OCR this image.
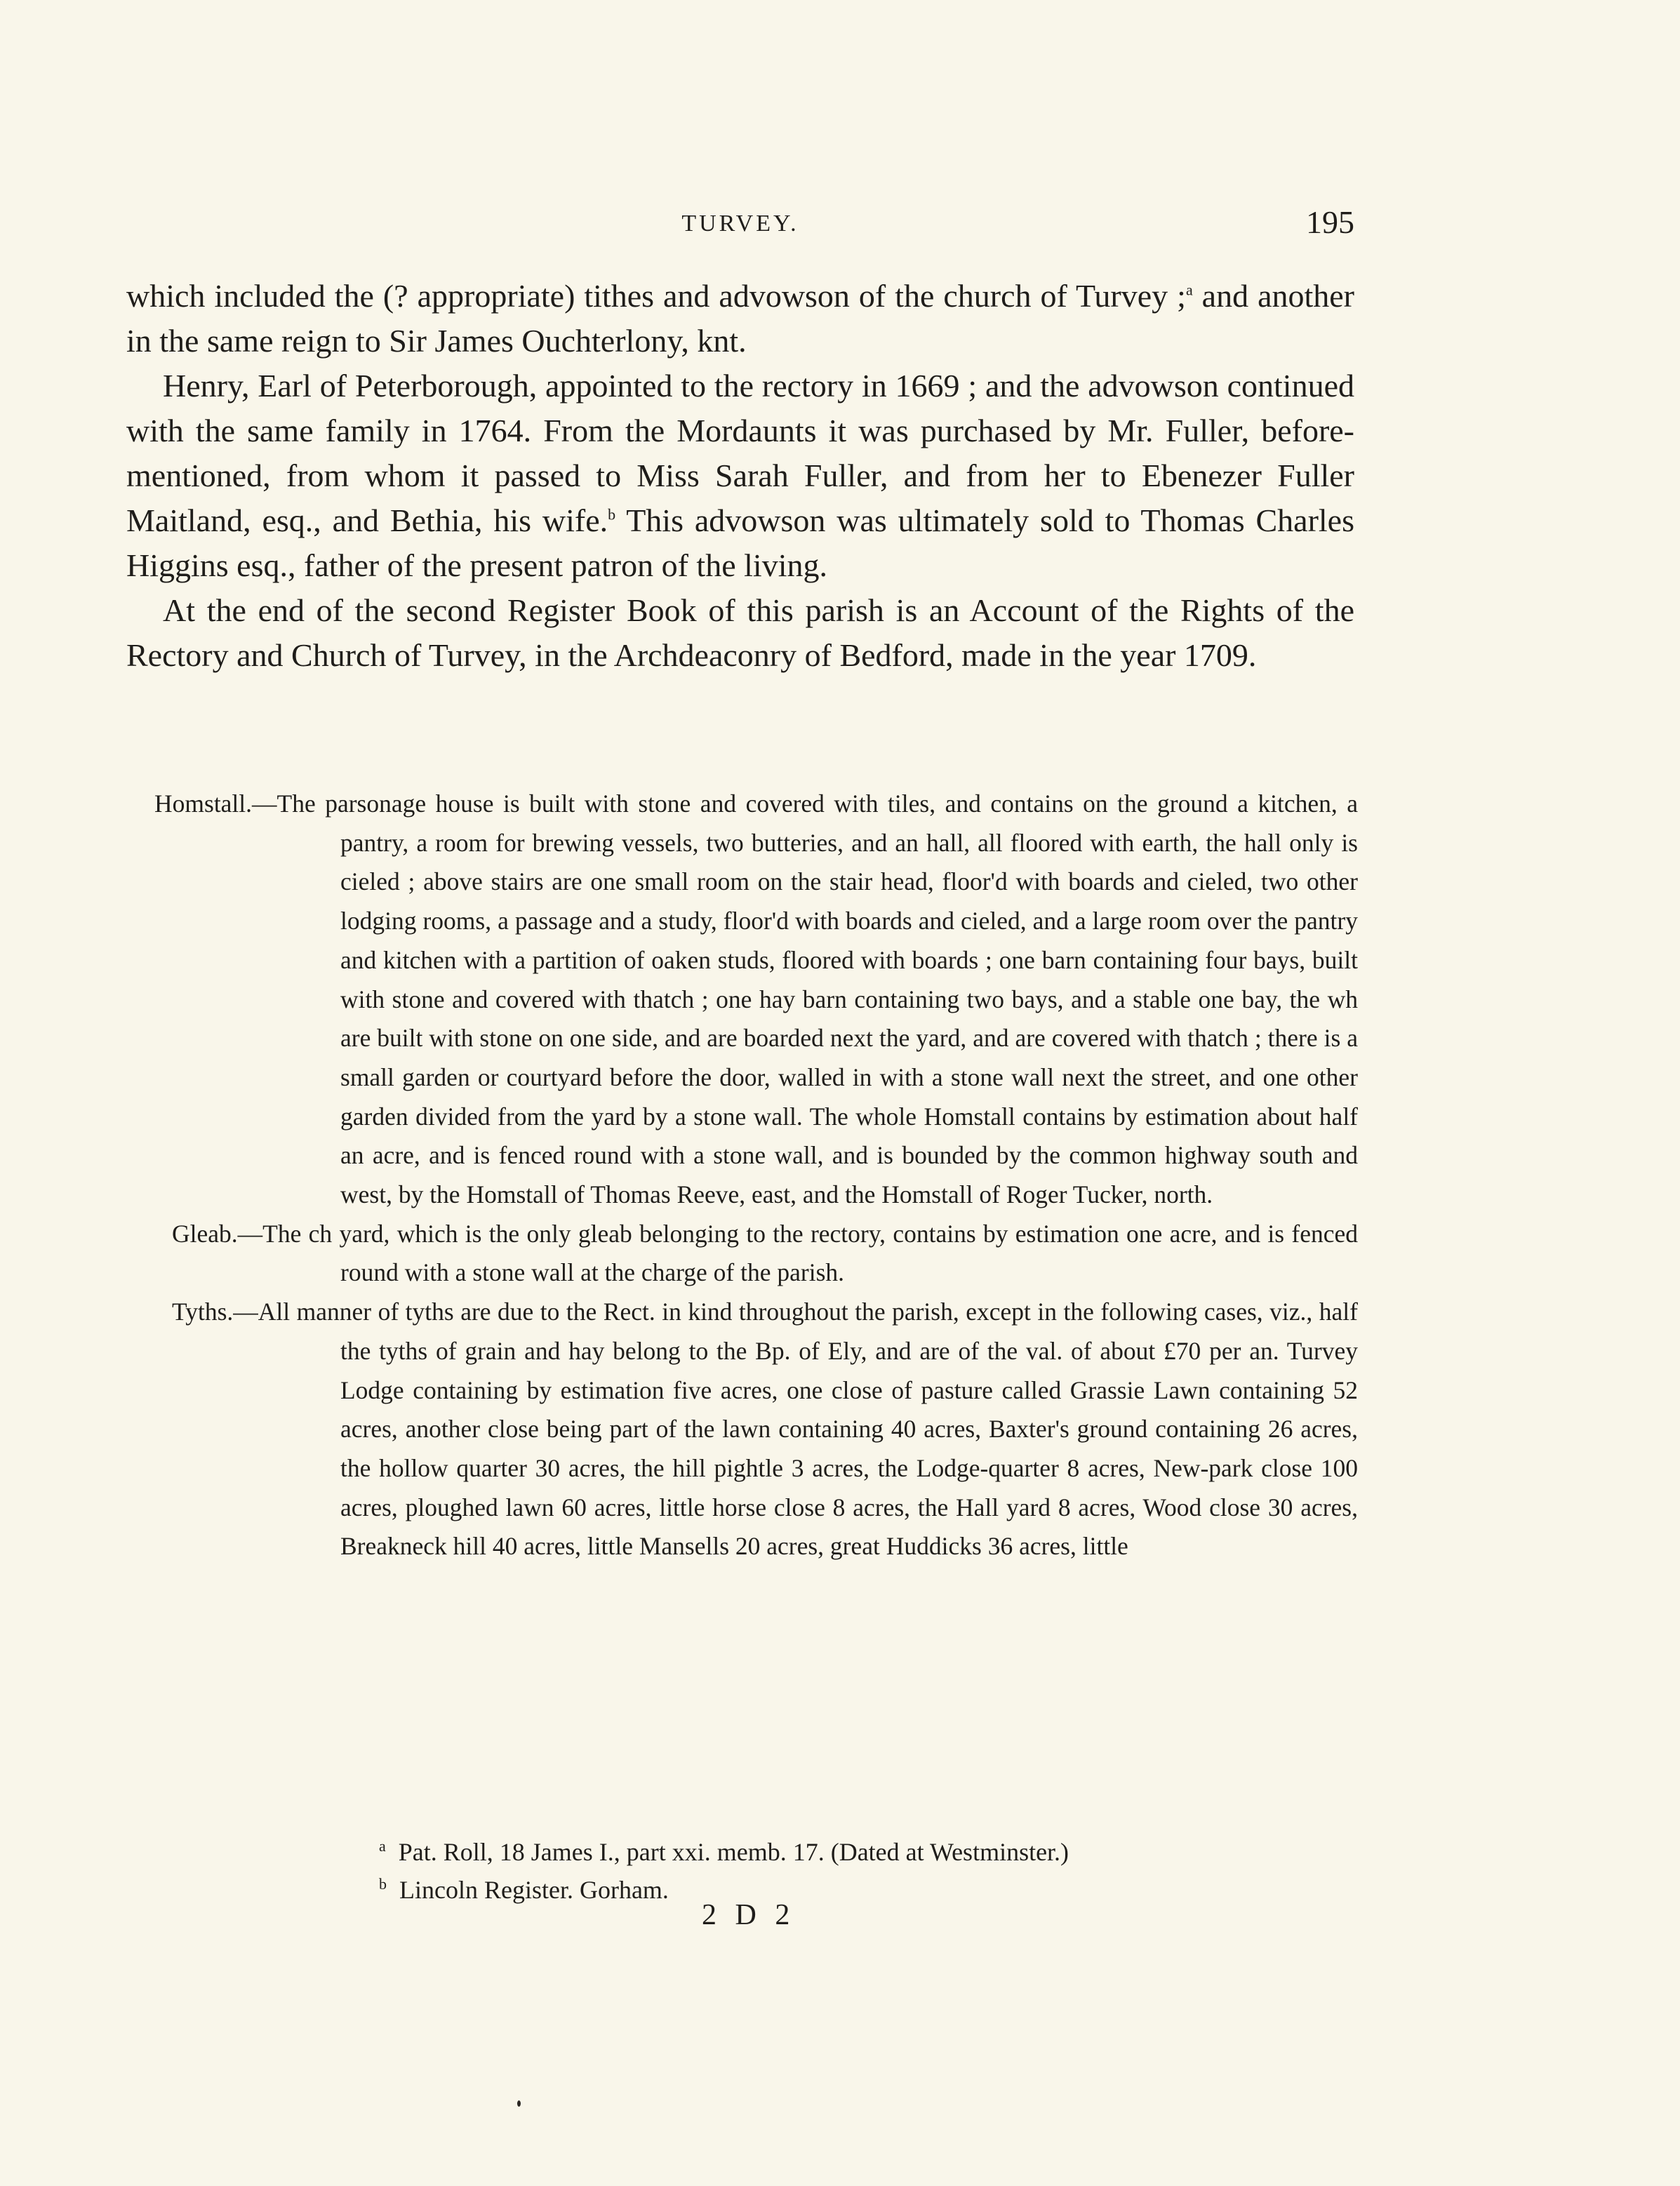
TURVEY.	195

which included the (? appropriate) tithes and advowson of the church of Turvey ;$^a$ and another in the same reign to Sir James Ouchterlony, knt.

Henry, Earl of Peterborough, appointed to the rectory in 1669 ; and the advowson continued with the same family in 1764. From the Mordaunts it was purchased by Mr. Fuller, before-mentioned, from whom it passed to Miss Sarah Fuller, and from her to Ebenezer Fuller Maitland, esq., and Bethia, his wife.$^b$ This advowson was ultimately sold to Thomas Charles Higgins esq., father of the present patron of the living.

At the end of the second Register Book of this parish is an Account of the Rights of the Rectory and Church of Turvey, in the Archdeaconry of Bedford, made in the year 1709.

Homstall.—The parsonage house is built with stone and covered with tiles, and contains on the ground a kitchen, a pantry, a room for brewing vessels, two butteries, and an hall, all floored with earth, the hall only is cieled ; above stairs are one small room on the stair head, floor'd with boards and cieled, two other lodging rooms, a passage and a study, floor'd with boards and cieled, and a large room over the pantry and kitchen with a partition of oaken studs, floored with boards ; one barn containing four bays, built with stone and covered with thatch ; one hay barn containing two bays, and a stable one bay, the wh are built with stone on one side, and are boarded next the yard, and are covered with thatch ; there is a small garden or courtyard before the door, walled in with a stone wall next the street, and one other garden divided from the yard by a stone wall. The whole Homstall contains by estimation about half an acre, and is fenced round with a stone wall, and is bounded by the common highway south and west, by the Homstall of Thomas Reeve, east, and the Homstall of Roger Tucker, north.

Gleab.—The ch yard, which is the only gleab belonging to the rectory, contains by estimation one acre, and is fenced round with a stone wall at the charge of the parish.

Tyths.—All manner of tyths are due to the Rect. in kind throughout the parish, except in the following cases, viz., half the tyths of grain and hay belong to the Bp. of Ely, and are of the val. of about £70 per an. Turvey Lodge containing by estimation five acres, one close of pasture called Grassie Lawn containing 52 acres, another close being part of the lawn containing 40 acres, Baxter's ground containing 26 acres, the hollow quarter 30 acres, the hill pightle 3 acres, the Lodge-quarter 8 acres, New-park close 100 acres, ploughed lawn 60 acres, little horse close 8 acres, the Hall yard 8 acres, Wood close 30 acres, Breakneck hill 40 acres, little Mansells 20 acres, great Huddicks 36 acres, little

$^a$ Pat. Roll, 18 James I., part xxi. memb. 17. (Dated at Westminster.)

$^b$ Lincoln Register. Gorham.

2 D 2
